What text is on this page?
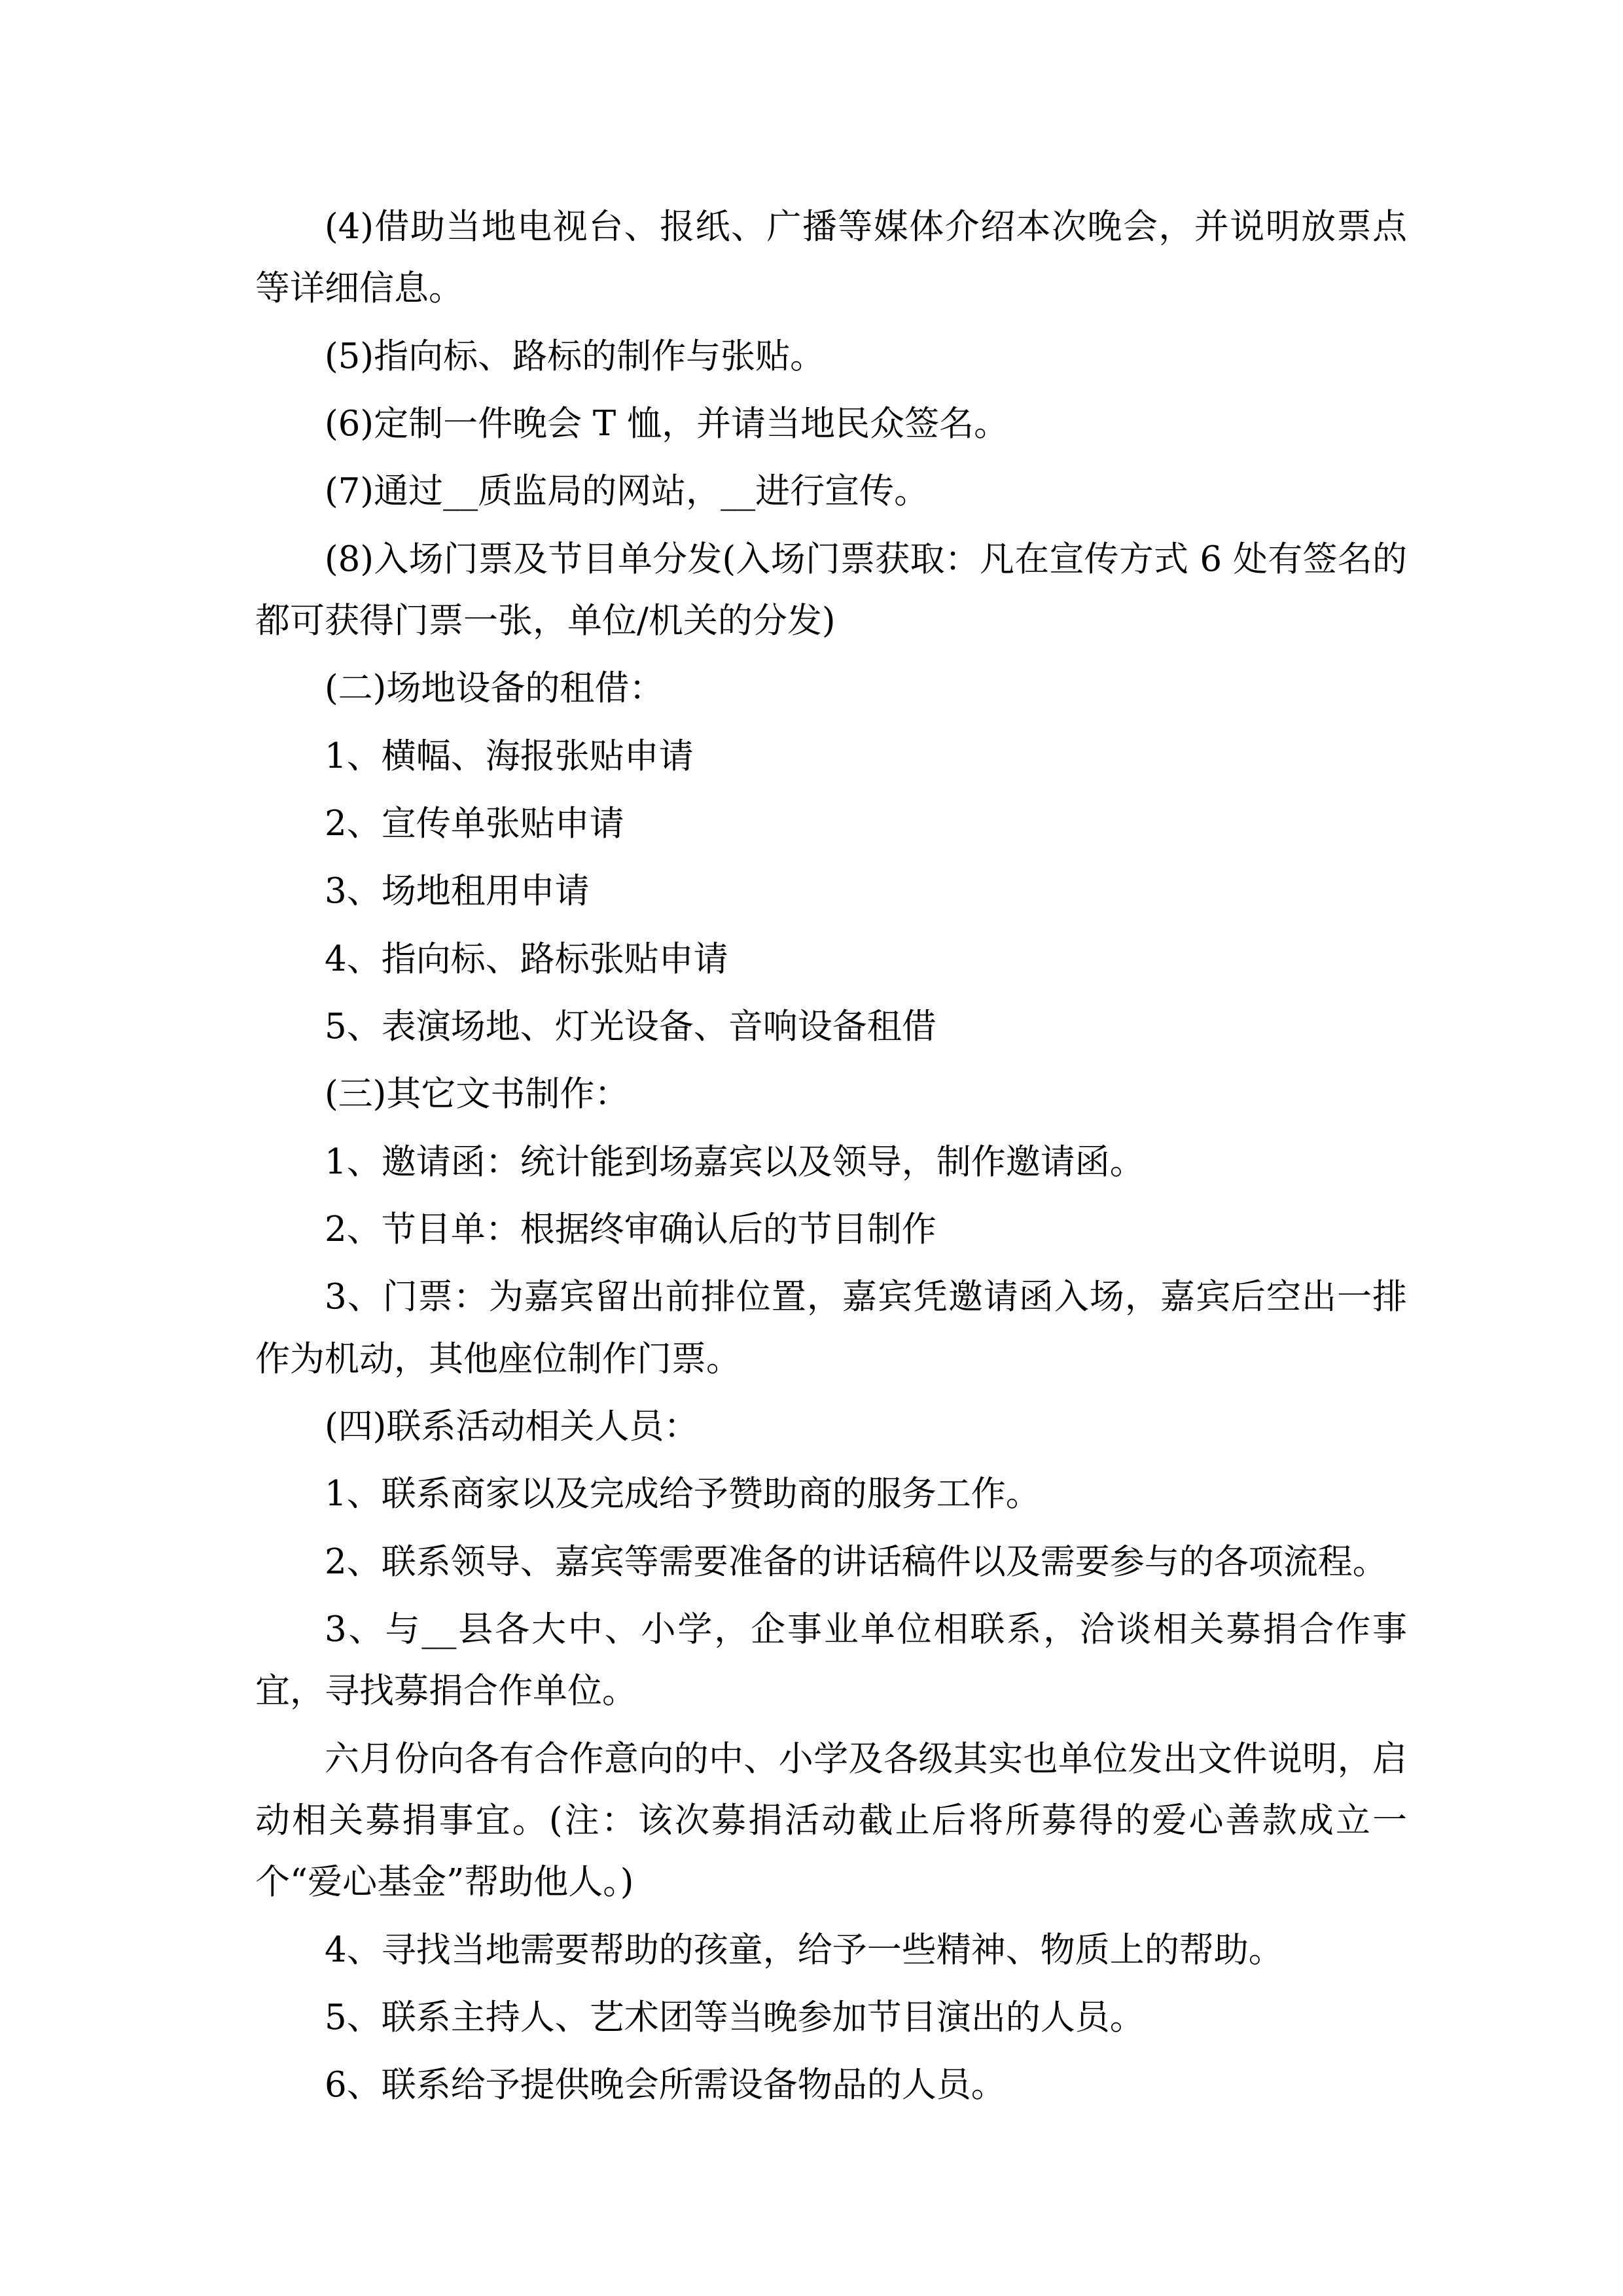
(4)借助当地电视台、报纸、广播等媒体介绍本次晚会，并说明放票点等详细信息。

(5)指向标、路标的制作与张贴。

(6)定制一件晚会 T 恤，并请当地民众签名。

(7)通过__质监局的网站，__进行宣传。

(8)入场门票及节目单分发(入场门票获取：凡在宣传方式 6 处有签名的都可获得门票一张，单位/机关的分发)

(二)场地设备的租借：

1、横幅、海报张贴申请

2、宣传单张贴申请

3、场地租用申请

4、指向标、路标张贴申请

5、表演场地、灯光设备、音响设备租借

(三)其它文书制作：

1、邀请函：统计能到场嘉宾以及领导，制作邀请函。

2、节目单：根据终审确认后的节目制作

3、门票：为嘉宾留出前排位置，嘉宾凭邀请函入场，嘉宾后空出一排作为机动，其他座位制作门票。

(四)联系活动相关人员：

1、联系商家以及完成给予赞助商的服务工作。

2、联系领导、嘉宾等需要准备的讲话稿件以及需要参与的各项流程。

3、与__县各大中、小学，企事业单位相联系，洽谈相关募捐合作事宜，寻找募捐合作单位。

六月份向各有合作意向的中、小学及各级其实也单位发出文件说明，启动相关募捐事宜。(注：该次募捐活动截止后将所募得的爱心善款成立一个“爱心基金”帮助他人。)

4、寻找当地需要帮助的孩童，给予一些精神、物质上的帮助。

5、联系主持人、艺术团等当晚参加节目演出的人员。

6、联系给予提供晚会所需设备物品的人员。
